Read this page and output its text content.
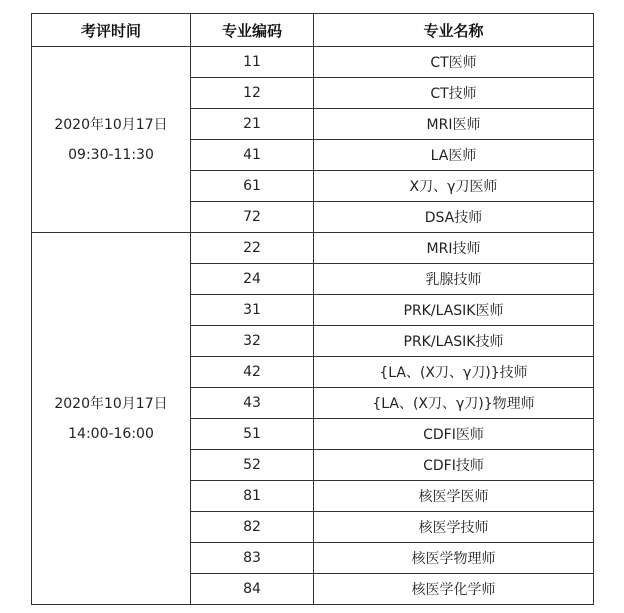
考评时间	专业编码	专业名称

2020年10月17日
09:30-11:30	11	CT医师
	12	CT技师
	21	MRI医师
	41	LA医师
	61	X刀、γ刀医师
	72	DSA技师

2020年10月17日
14:00-16:00	22	MRI技师
	24	乳腺技师
	31	PRK/LASIK医师
	32	PRK/LASIK技师
	42	{LA、(X刀、γ刀)}技师
	43	{LA、(X刀、γ刀)}物理师
	51	CDFI医师
	52	CDFI技师
	81	核医学医师
	82	核医学技师
	83	核医学物理师
	84	核医学化学师
